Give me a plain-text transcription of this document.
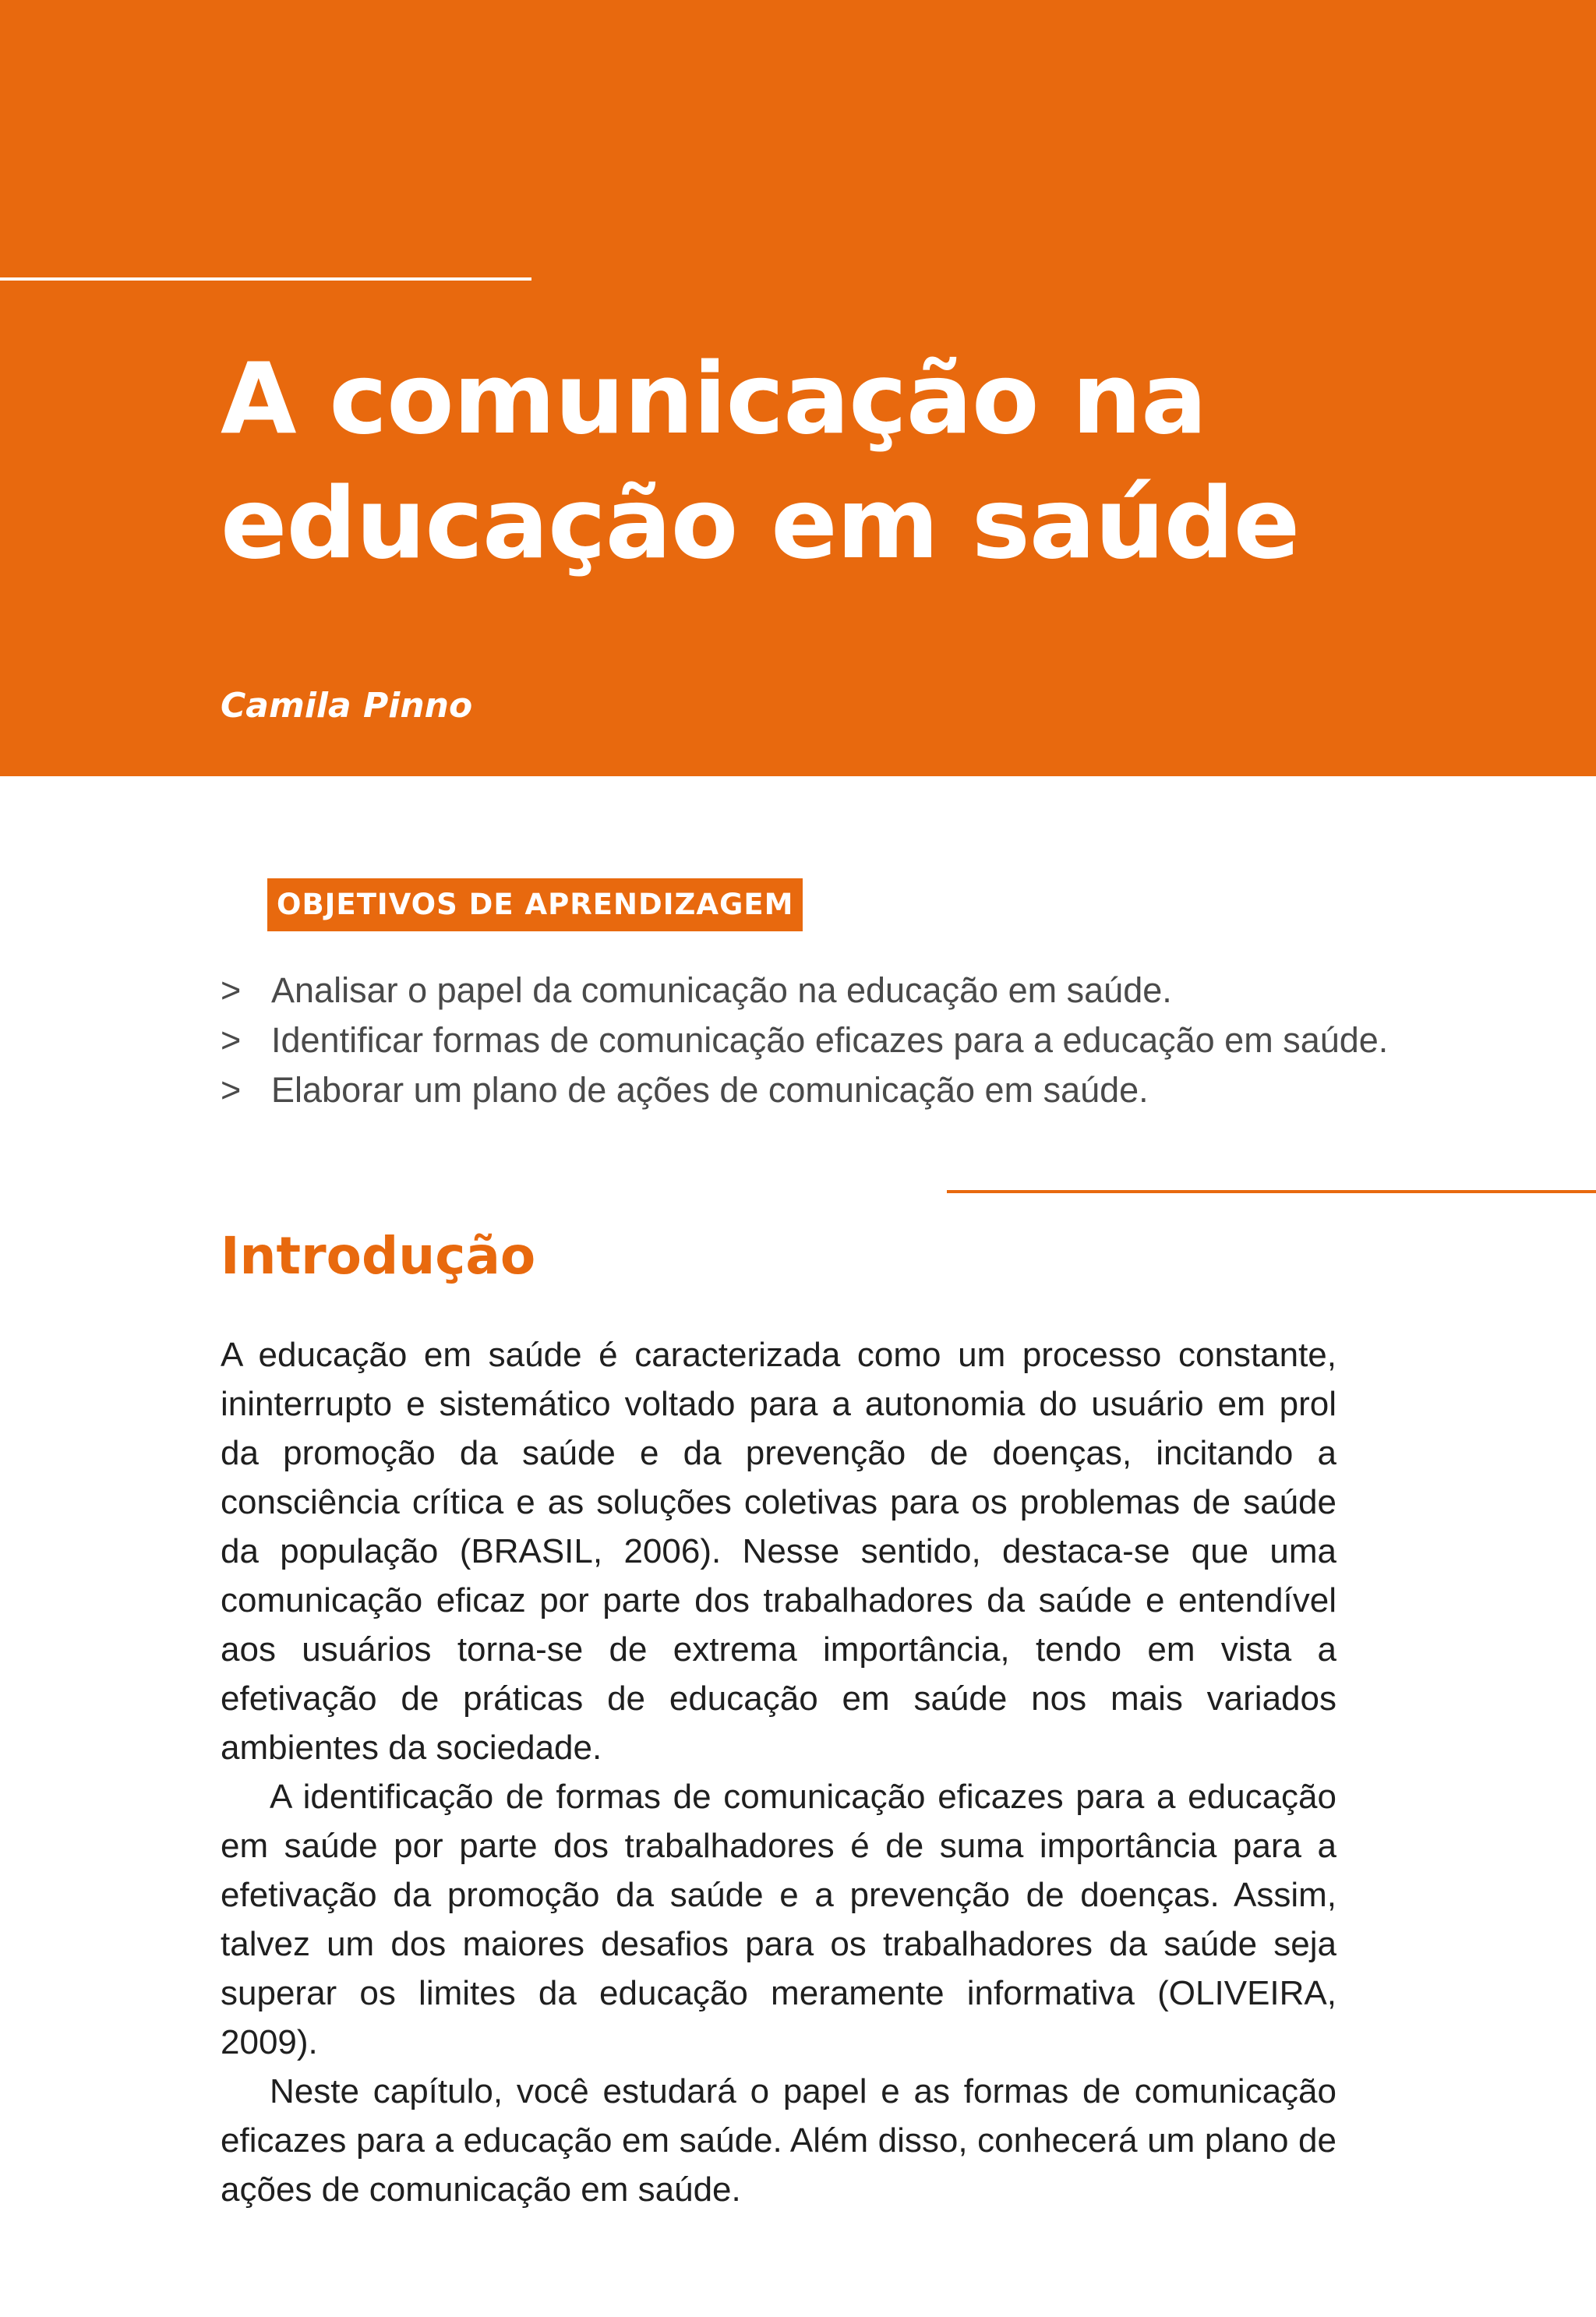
A comunicação na
educação em saúde
Camila Pinno
OBJETIVOS DE APRENDIZAGEM
> Analisar o papel da comunicação na educação em saúde.
> Identificar formas de comunicação eficazes para a educação em saúde.
> Elaborar um plano de ações de comunicação em saúde.
Introdução

A educação em saúde é caracterizada como um processo constante, ininterrupto e sistemático voltado para a autonomia do usuário em prol da promoção da saúde e da prevenção de doenças, incitando a consciência crítica e as soluções coletivas para os problemas de saúde da população (BRASIL, 2006). Nesse sentido, destaca-se que uma comunicação eficaz por parte dos trabalhadores da saúde e entendível aos usuários torna-se de extrema importância, tendo em vista a efetivação de práticas de educação em saúde nos mais variados ambientes da sociedade.

A identificação de formas de comunicação eficazes para a educação em saúde por parte dos trabalhadores é de suma importância para a efetivação da promoção da saúde e a prevenção de doenças. Assim, talvez um dos maiores desafios para os trabalhadores da saúde seja superar os limites da educação meramente informativa (OLIVEIRA, 2009).

Neste capítulo, você estudará o papel e as formas de comunicação eficazes para a educação em saúde. Além disso, conhecerá um plano de ações de comunicação em saúde.
